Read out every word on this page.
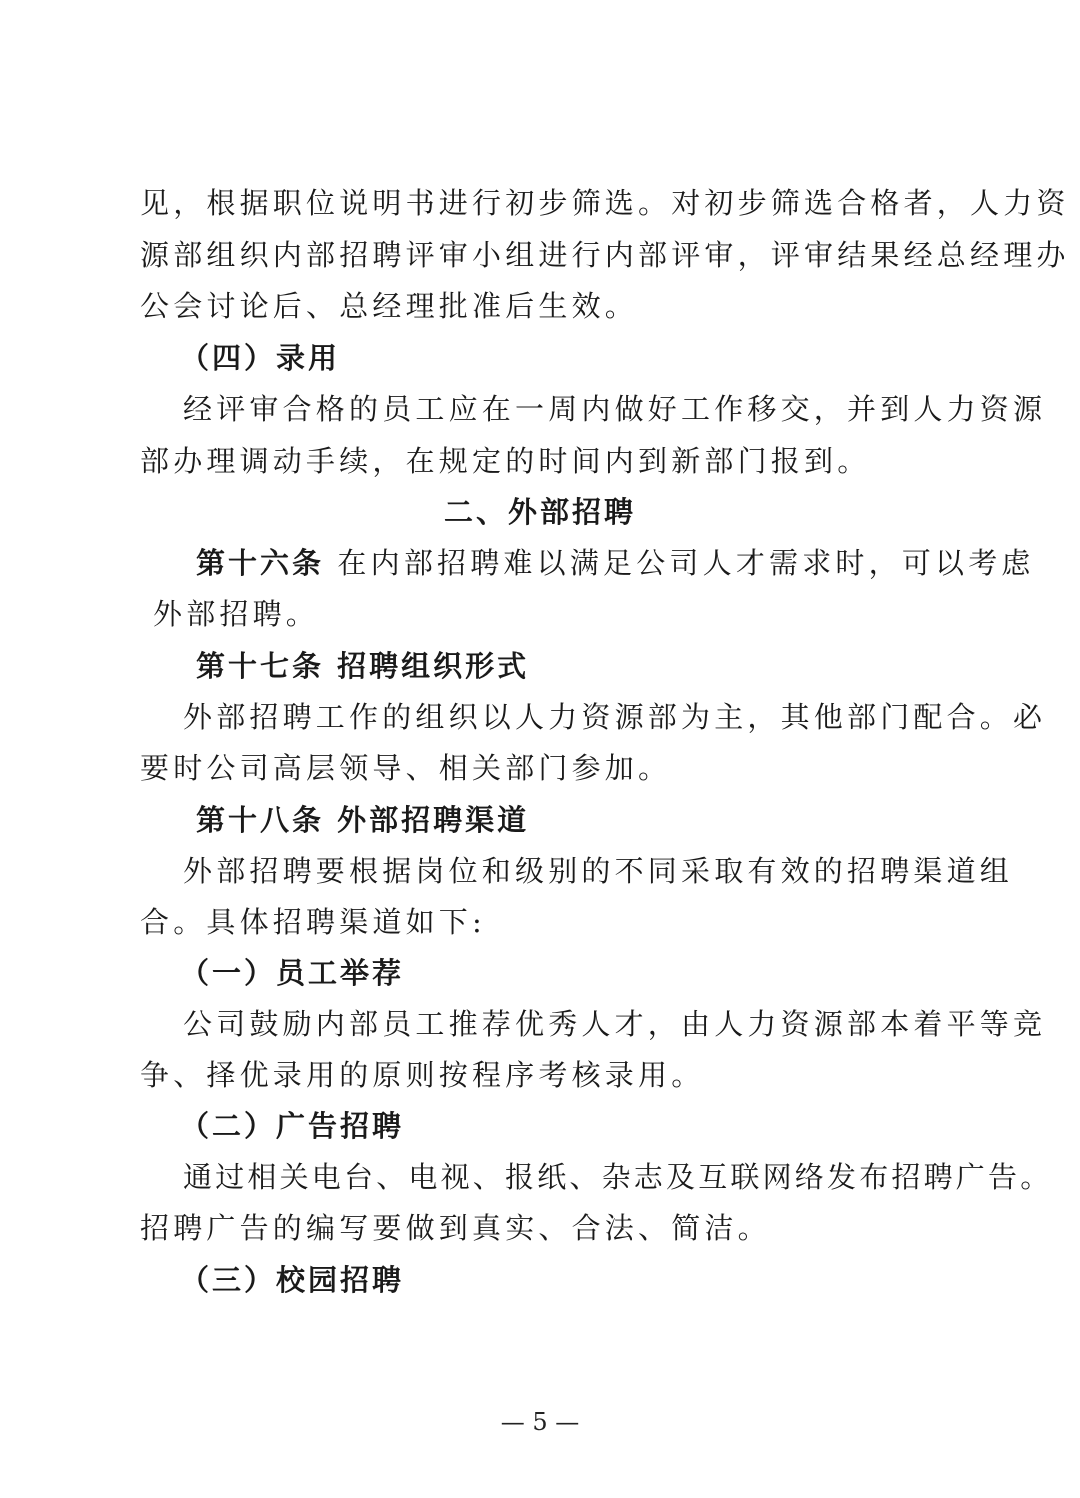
见，根据职位说明书进行初步筛选。对初步筛选合格者，人力资
源部组织内部招聘评审小组进行内部评审，评审结果经总经理办
公会讨论后、总经理批准后生效。
（四）录用
经评审合格的员工应在一周内做好工作移交，并到人力资源
部办理调动手续，在规定的时间内到新部门报到。
二、外部招聘
第十六条 在内部招聘难以满足公司人才需求时，可以考虑
外部招聘。
第十七条 招聘组织形式
外部招聘工作的组织以人力资源部为主，其他部门配合。必
要时公司高层领导、相关部门参加。
第十八条 外部招聘渠道
外部招聘要根据岗位和级别的不同采取有效的招聘渠道组
合。具体招聘渠道如下:
（一）员工举荐
公司鼓励内部员工推荐优秀人才，由人力资源部本着平等竞
争、择优录用的原则按程序考核录用。
（二）广告招聘
通过相关电台、电视、报纸、杂志及互联网络发布招聘广告。
招聘广告的编写要做到真实、合法、简洁。
（三）校园招聘
— 5 —
